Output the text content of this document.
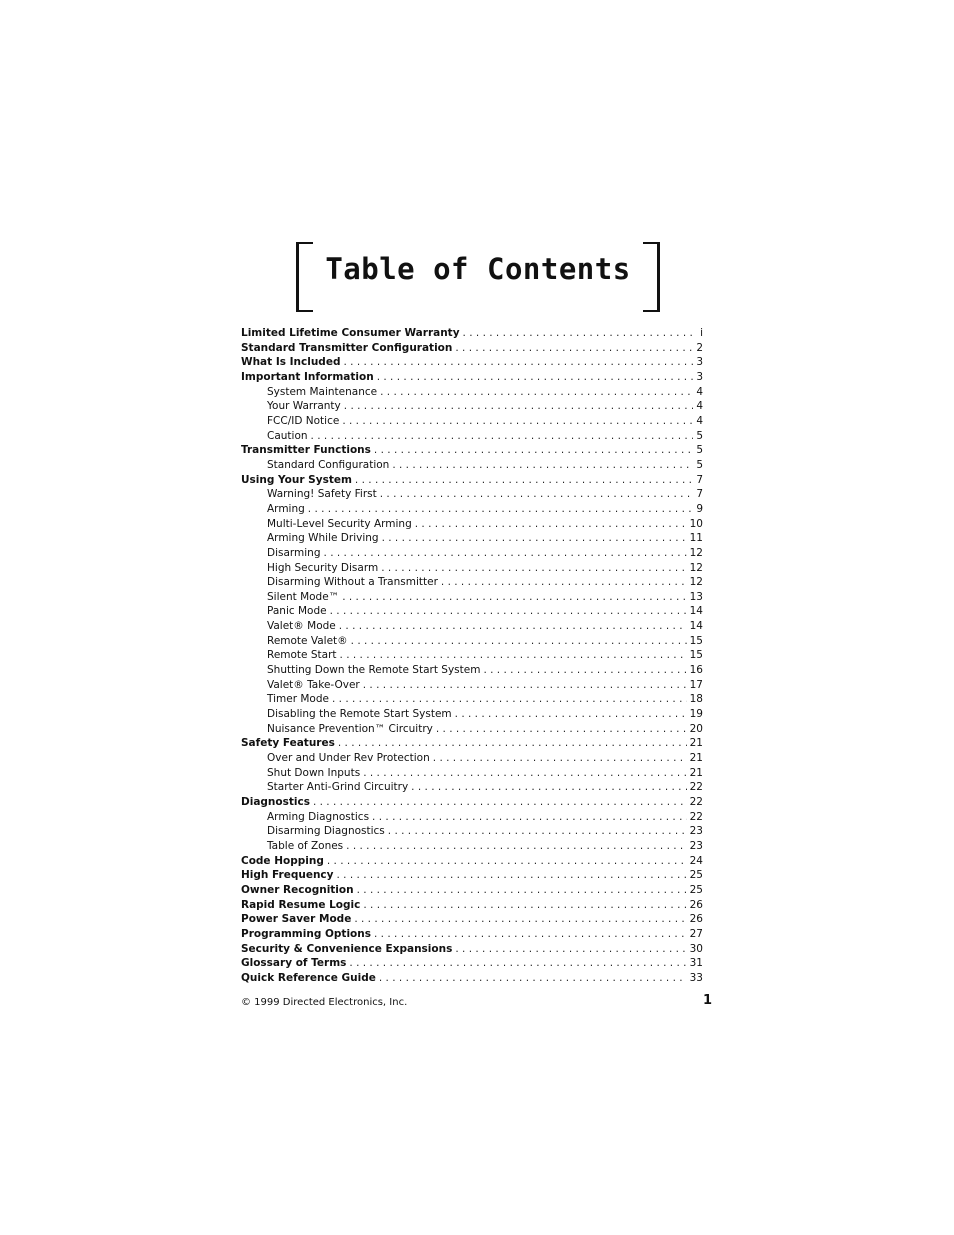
Table of Contents
Limited Lifetime Consumer Warranty . . .	i
Standard Transmitter Configuration . . .	2
What Is Included . . .	3
Important Information . . .	3
System Maintenance . . .	4
Your Warranty . . .	4
FCC/ID Notice . . .	4
Caution . . .	5
Transmitter Functions . . .	5
Standard Configuration . . .	5
Using Your System . . .	7
Warning! Safety First . . .	7
Arming . . .	9
Multi-Level Security Arming . . .	10
Arming While Driving . . .	11
Disarming . . .	12
High Security Disarm . . .	12
Disarming Without a Transmitter . . .	12
Silent Mode™ . . .	13
Panic Mode . . .	14
Valet® Mode . . .	14
Remote Valet® . . .	15
Remote Start . . .	15
Shutting Down the Remote Start System . . .	16
Valet® Take-Over . . .	17
Timer Mode . . .	18
Disabling the Remote Start System . . .	19
Nuisance Prevention™ Circuitry . . .	20
Safety Features . . .	21
Over and Under Rev Protection . . .	21
Shut Down Inputs . . .	21
Starter Anti-Grind Circuitry . . .	22
Diagnostics . . .	22
Arming Diagnostics . . .	22
Disarming Diagnostics . . .	23
Table of Zones . . .	23
Code Hopping . . .	24
High Frequency . . .	25
Owner Recognition . . .	25
Rapid Resume Logic . . .	26
Power Saver Mode . . .	26
Programming Options . . .	27
Security & Convenience Expansions . . .	30
Glossary of Terms . . .	31
Quick Reference Guide . . .	33
© 1999 Directed Electronics, Inc.	1
